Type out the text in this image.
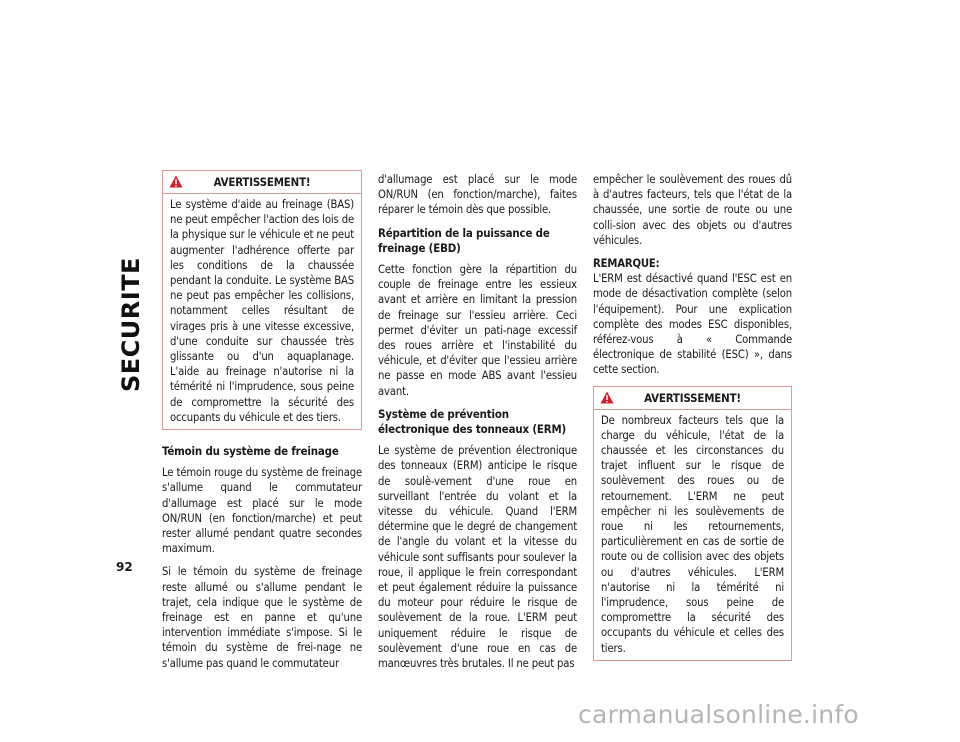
SECURITE
92
AVERTISSEMENT!
Le système d'aide au freinage (BAS) ne peut empêcher l'action des lois de la physique sur le véhicule et ne peut augmenter l'adhérence offerte par les conditions de la chaussée pendant la conduite. Le système BAS ne peut pas empêcher les collisions, notamment celles résultant de virages pris à une vitesse excessive, d'une conduite sur chaussée très glissante ou d'un aquaplanage. L'aide au freinage n'autorise ni la témérité ni l'imprudence, sous peine de compromettre la sécurité des occupants du véhicule et des tiers.
Témoin du système de freinage

Le témoin rouge du système de freinage s'allume quand le commutateur d'allumage est placé sur le mode ON/RUN (en fonction/marche) et peut rester allumé pendant quatre secondes maximum.

Si le témoin du système de freinage reste allumé ou s'allume pendant le trajet, cela indique que le système de freinage est en panne et qu'une intervention immédiate s'impose. Si le témoin du système de frei-nage ne s'allume pas quand le commutateur

d'allumage est placé sur le mode ON/RUN (en fonction/marche), faites réparer le témoin dès que possible.

Répartition de la puissance de freinage (EBD)

Cette fonction gère la répartition du couple de freinage entre les essieux avant et arrière en limitant la pression de freinage sur l'essieu arrière. Ceci permet d'éviter un pati-nage excessif des roues arrière et l'instabilité du véhicule, et d'éviter que l'essieu arrière ne passe en mode ABS avant l'essieu avant.

Système de prévention électronique des tonneaux (ERM)

Le système de prévention électronique des tonneaux (ERM) anticipe le risque de soulè-vement d'une roue en surveillant l'entrée du volant et la vitesse du véhicule. Quand l'ERM détermine que le degré de changement de l'angle du volant et la vitesse du véhicule sont suffisants pour soulever la roue, il applique le frein correspondant et peut également réduire la puissance du moteur pour réduire le risque de soulèvement de la roue. L'ERM peut uniquement réduire le risque de soulèvement d'une roue en cas de manœuvres très brutales. Il ne peut pas

empêcher le soulèvement des roues dû à d'autres facteurs, tels que l'état de la chaussée, une sortie de route ou une colli-sion avec des objets ou d'autres véhicules.

REMARQUE:

L'ERM est désactivé quand l'ESC est en mode de désactivation complète (selon l'équipement). Pour une explication complète des modes ESC disponibles, référez-vous à « Commande électronique de stabilité (ESC) », dans cette section.

AVERTISSEMENT!
De nombreux facteurs tels que la charge du véhicule, l'état de la chaussée et les circonstances du trajet influent sur le risque de soulèvement des roues ou de retournement. L'ERM ne peut empêcher ni les soulèvements de roue ni les retournements, particulièrement en cas de sortie de route ou de collision avec des objets ou d'autres véhicules. L'ERM n'autorise ni la témérité ni l'imprudence, sous peine de compromettre la sécurité des occupants du véhicule et celles des tiers.
carmanualsonline.info
